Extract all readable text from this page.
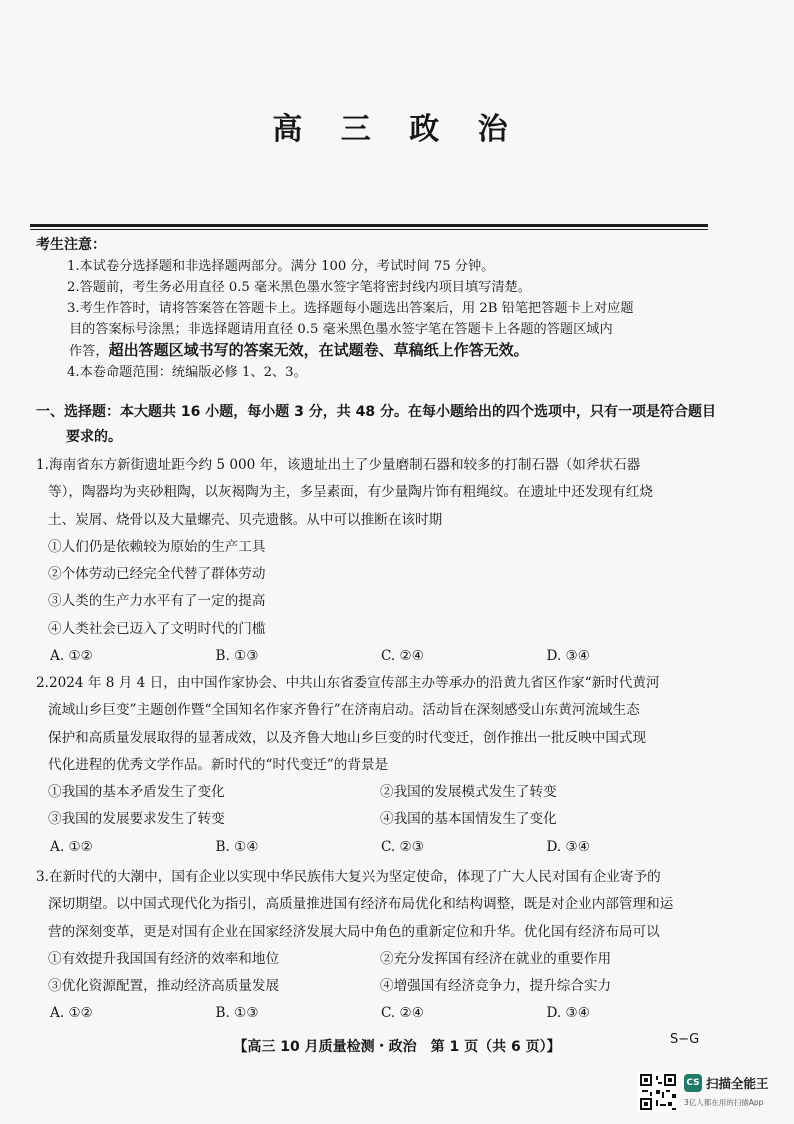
高 三 政 治

考生注意：

1.本试卷分选择题和非选择题两部分。满分 100 分，考试时间 75 分钟。

2.答题前，考生务必用直径 0.5 毫米黑色墨水签字笔将密封线内项目填写清楚。

3.考生作答时，请将答案答在答题卡上。选择题每小题选出答案后，用 2B 铅笔把答题卡上对应题

目的答案标号涂黑；非选择题请用直径 0.5 毫米黑色墨水签字笔在答题卡上各题的答题区域内

作答，超出答题区域书写的答案无效，在试题卷、草稿纸上作答无效。

4.本卷命题范围：统编版必修 1、2、3。

一、选择题：本大题共 16 小题，每小题 3 分，共 48 分。在每小题给出的四个选项中，只有一项是符合题目
要求的。

1.海南省东方新街遗址距今约 5 000 年，该遗址出土了少量磨制石器和较多的打制石器（如斧状石器

等），陶器均为夹砂粗陶，以灰褐陶为主，多呈素面，有少量陶片饰有粗绳纹。在遗址中还发现有红烧

土、炭屑、烧骨以及大量螺壳、贝壳遗骸。从中可以推断在该时期

①人们仍是依赖较为原始的生产工具

②个体劳动已经完全代替了群体劳动

③人类的生产力水平有了一定的提高

④人类社会已迈入了文明时代的门槛

A. ①②	B. ①③	C. ②④	D. ③④

2.2024 年 8 月 4 日，由中国作家协会、中共山东省委宣传部主办等承办的沿黄九省区作家“新时代黄河

流域山乡巨变”主题创作暨“全国知名作家齐鲁行”在济南启动。活动旨在深刻感受山东黄河流域生态

保护和高质量发展取得的显著成效，以及齐鲁大地山乡巨变的时代变迁，创作推出一批反映中国式现

代化进程的优秀文学作品。新时代的“时代变迁”的背景是

①我国的基本矛盾发生了变化	②我国的发展模式发生了转变
③我国的发展要求发生了转变	④我国的基本国情发生了变化
A. ①②	B. ①④	C. ②③	D. ③④

3.在新时代的大潮中，国有企业以实现中华民族伟大复兴为坚定使命，体现了广大人民对国有企业寄予的

深切期望。以中国式现代化为指引，高质量推进国有经济布局优化和结构调整，既是对企业内部管理和运

营的深刻变革，更是对国有企业在国家经济发展大局中角色的重新定位和升华。优化国有经济布局可以

①有效提升我国国有经济的效率和地位	②充分发挥国有经济在就业的重要作用
③优化资源配置，推动经济高质量发展	④增强国有经济竞争力，提升综合实力
A. ①②	B. ①③	C. ②④	D. ③④
【高三 10 月质量检测・政治　第 1 页（共 6 页）】	S−G
CS 扫描全能王
3亿人都在用的扫描App
